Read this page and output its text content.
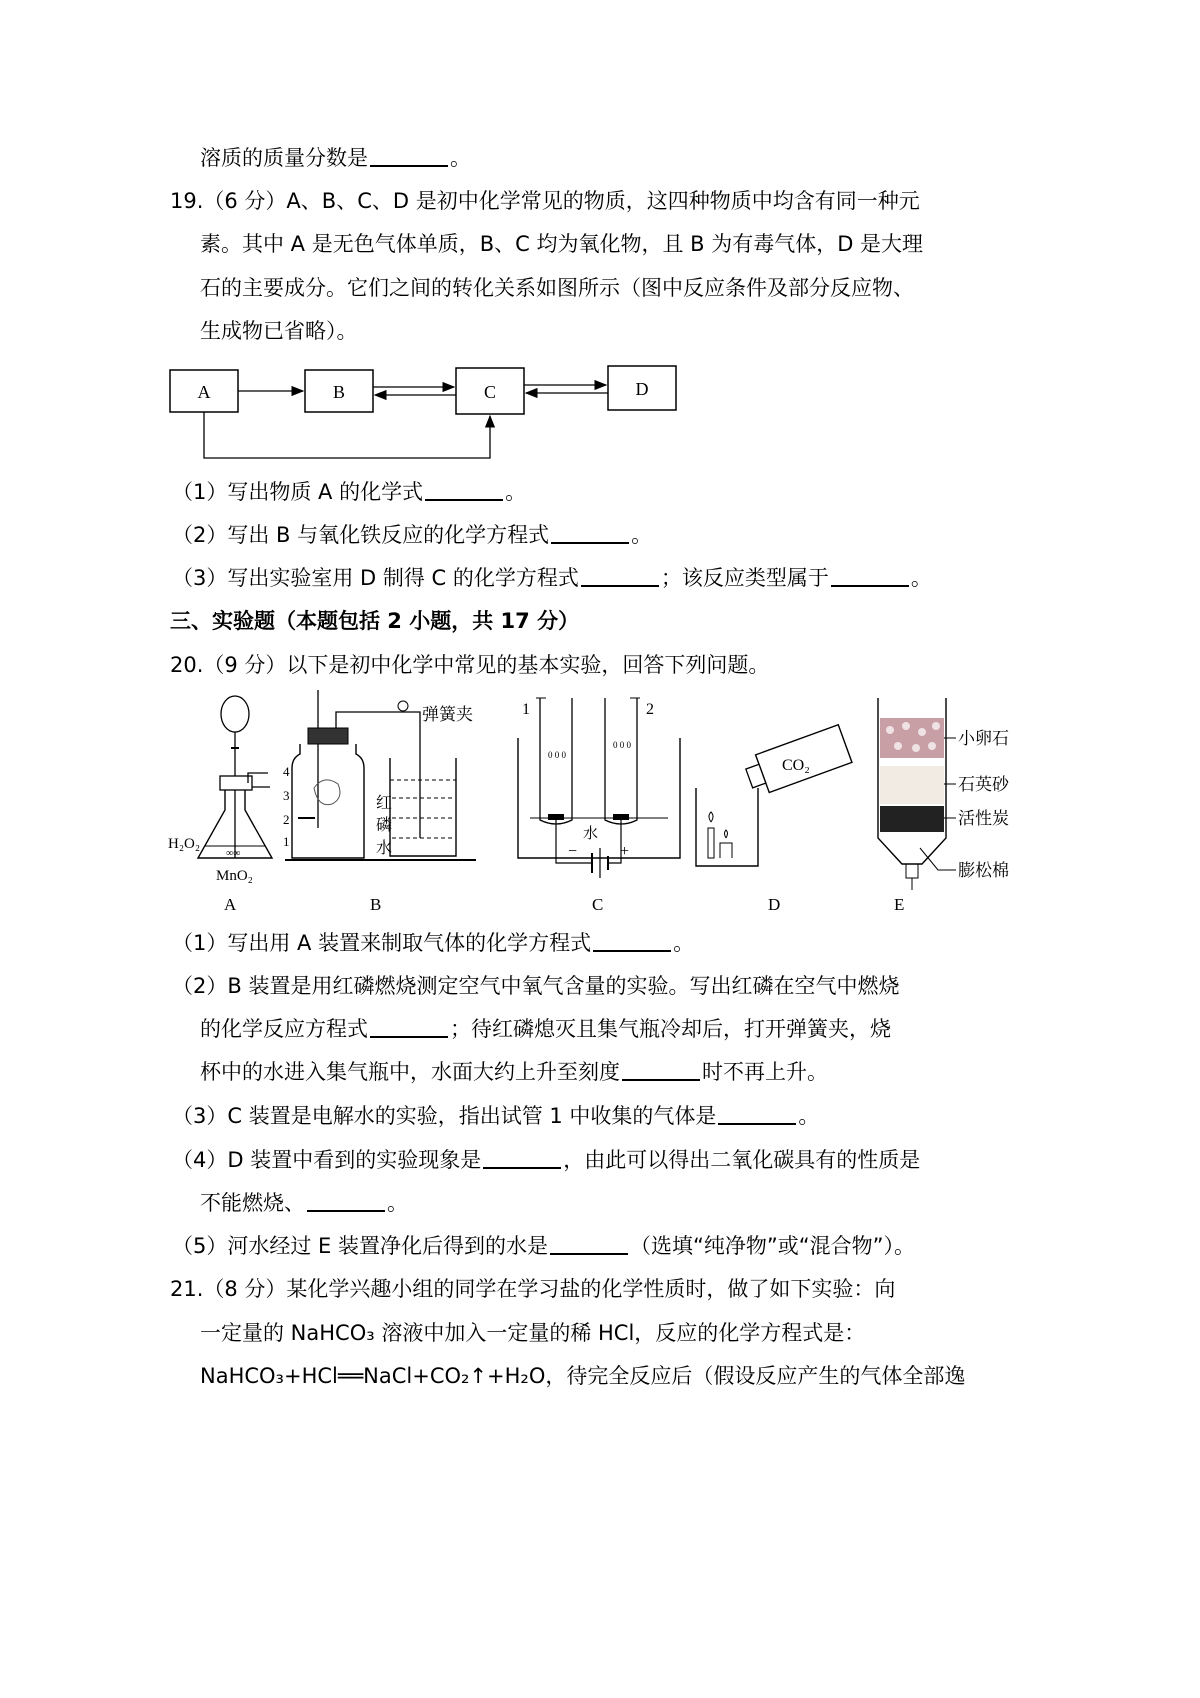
溶质的质量分数是	。
19.（6 分）A、B、C、D 是初中化学常见的物质，这四种物质中均含有同一种元
素。其中 A 是无色气体单质，B、C 均为氧化物，且 B 为有毒气体，D 是大理
石的主要成分。它们之间的转化关系如图所示（图中反应条件及部分反应物、
生成物已省略）。
A	B	C	D
（1）写出物质 A 的化学式	。
（2）写出 B 与氧化铁反应的化学方程式	。
（3）写出实验室用 D 制得 C 的化学方程式	；该反应类型属于	。
三、实验题（本题包括 2 小题，共 17 分）
20.（9 分）以下是初中化学中常见的基本实验，回答下列问题。
∞∞
H₂O₂
MnO₂
4
3
2
1
弹簧夹
红
磷
水
0 0 0
0 0 0
1	2
水
−	+
CO₂
小卵石
石英砂
活性炭
膨松棉
A	B	C	D	E
（1）写出用 A 装置来制取气体的化学方程式	。
（2）B 装置是用红磷燃烧测定空气中氧气含量的实验。写出红磷在空气中燃烧
的化学反应方程式	；待红磷熄灭且集气瓶冷却后，打开弹簧夹，烧
杯中的水进入集气瓶中，水面大约上升至刻度	时不再上升。
（3）C 装置是电解水的实验，指出试管 1 中收集的气体是	。
（4）D 装置中看到的实验现象是	，由此可以得出二氧化碳具有的性质是
不能燃烧、	。
（5）河水经过 E 装置净化后得到的水是	（选填“纯净物”或“混合物”）。
21.（8 分）某化学兴趣小组的同学在学习盐的化学性质时，做了如下实验：向
一定量的 NaHCO₃ 溶液中加入一定量的稀 HCl，反应的化学方程式是：
NaHCO₃+HCl══NaCl+CO₂↑+H₂O，待完全反应后（假设反应产生的气体全部逸
